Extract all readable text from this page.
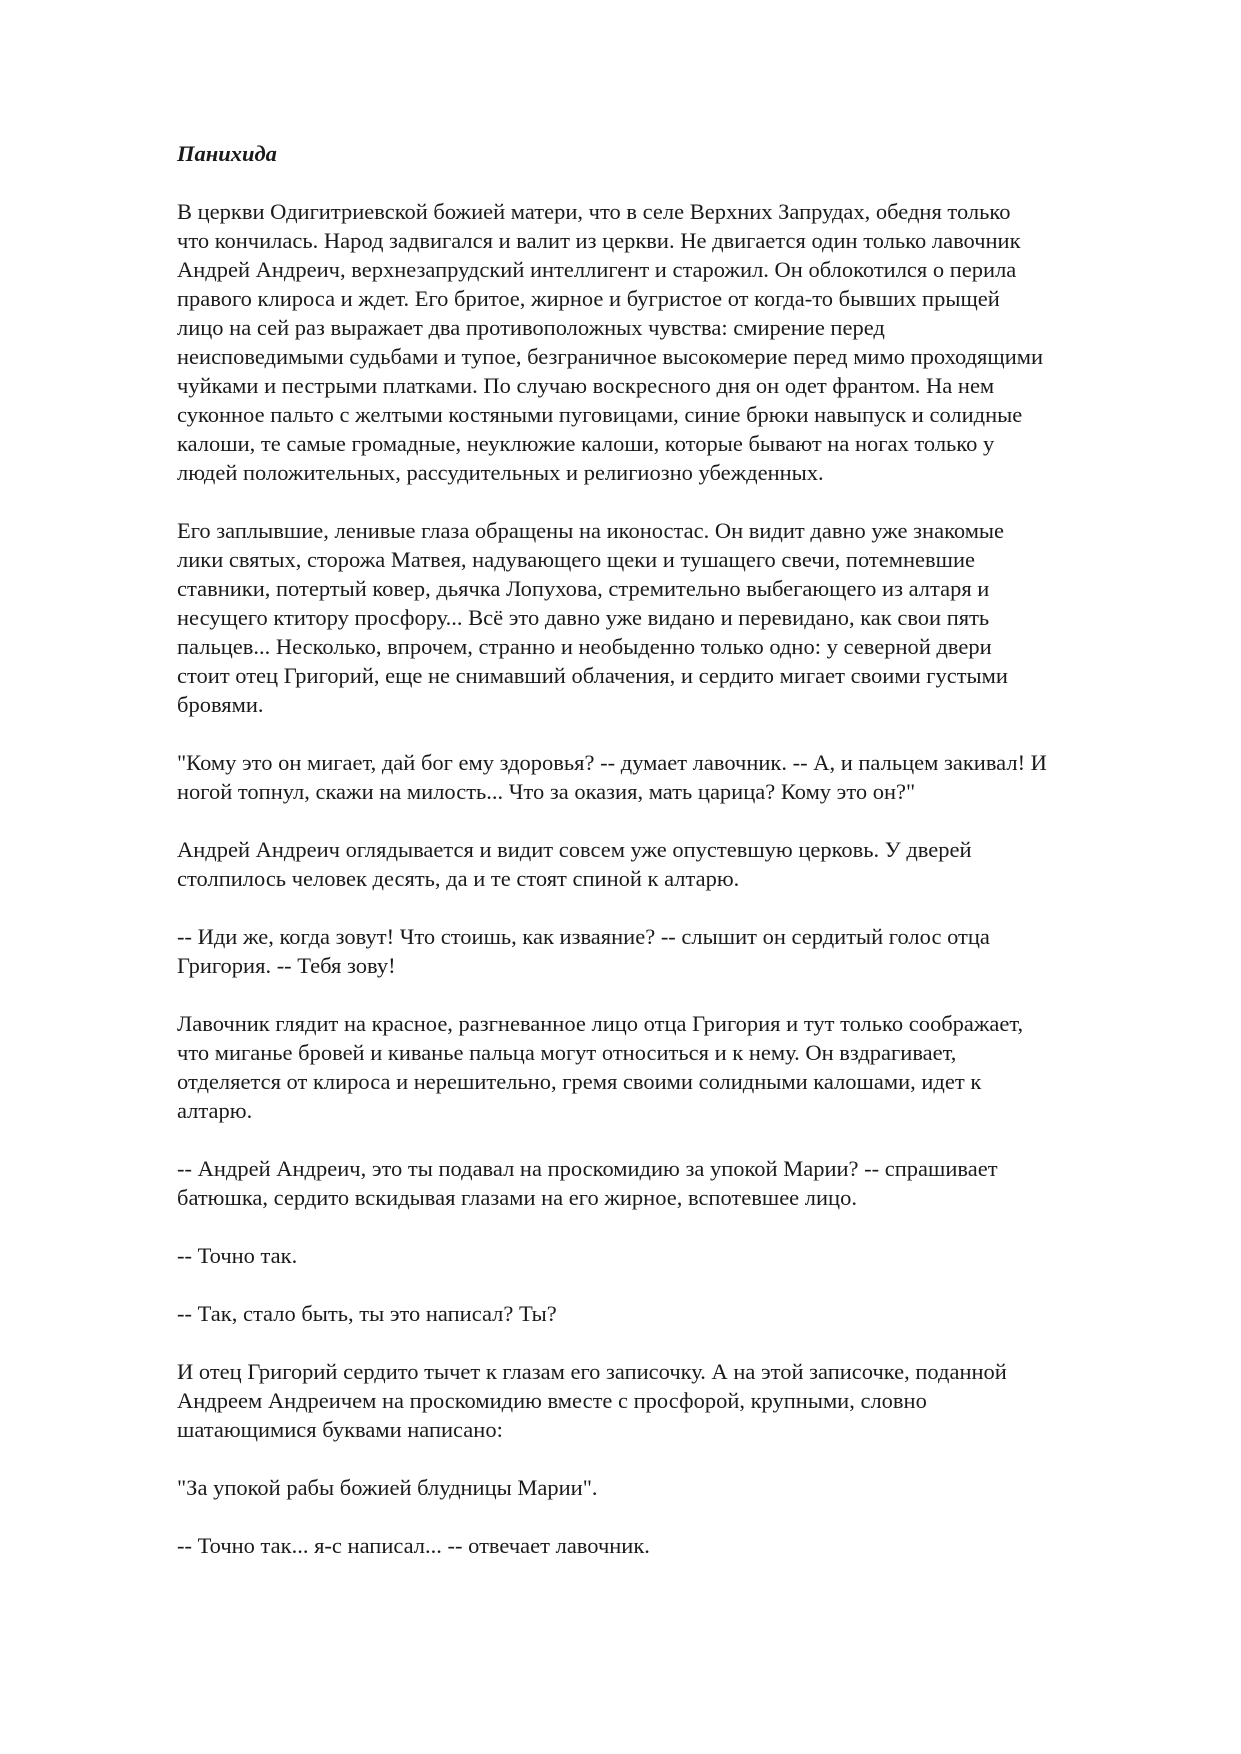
Панихида
В церкви Одигитриевской божией матери, что в селе Верхних Запрудах, обедня только
что кончилась. Народ задвигался и валит из церкви. Не двигается один только лавочник
Андрей Андреич, верхнезапрудский интеллигент и старожил. Он облокотился о перила
правого клироса и ждет. Его бритое, жирное и бугристое от когда-то бывших прыщей
лицо на сей раз выражает два противоположных чувства: смирение перед
неисповедимыми судьбами и тупое, безграничное высокомерие перед мимо проходящими
чуйками и пестрыми платками. По случаю воскресного дня он одет франтом. На нем
суконное пальто с желтыми костяными пуговицами, синие брюки навыпуск и солидные
калоши, те самые громадные, неуклюжие калоши, которые бывают на ногах только у
людей положительных, рассудительных и религиозно убежденных.
Его заплывшие, ленивые глаза обращены на иконостас. Он видит давно уже знакомые
лики святых, сторожа Матвея, надувающего щеки и тушащего свечи, потемневшие
ставники, потертый ковер, дьячка Лопухова, стремительно выбегающего из алтаря и
несущего ктитору просфору... Всё это давно уже видано и перевидано, как свои пять
пальцев... Несколько, впрочем, странно и необыденно только одно: у северной двери
стоит отец Григорий, еще не снимавший облачения, и сердито мигает своими густыми
бровями.
"Кому это он мигает, дай бог ему здоровья? -- думает лавочник. -- А, и пальцем закивал! И
ногой топнул, скажи на милость... Что за оказия, мать царица? Кому это он?"
Андрей Андреич оглядывается и видит совсем уже опустевшую церковь. У дверей
столпилось человек десять, да и те стоят спиной к алтарю.
-- Иди же, когда зовут! Что стоишь, как изваяние? -- слышит он сердитый голос отца
Григория. -- Тебя зову!
Лавочник глядит на красное, разгневанное лицо отца Григория и тут только соображает,
что миганье бровей и киванье пальца могут относиться и к нему. Он вздрагивает,
отделяется от клироса и нерешительно, гремя своими солидными калошами, идет к
алтарю.
-- Андрей Андреич, это ты подавал на проскомидию за упокой Марии? -- спрашивает
батюшка, сердито вскидывая глазами на его жирное, вспотевшее лицо.
-- Точно так.
-- Так, стало быть, ты это написал? Ты?
И отец Григорий сердито тычет к глазам его записочку. А на этой записочке, поданной
Андреем Андреичем на проскомидию вместе с просфорой, крупными, словно
шатающимися буквами написано:
"За упокой рабы божией блудницы Марии".
-- Точно так... я-с написал... -- отвечает лавочник.
